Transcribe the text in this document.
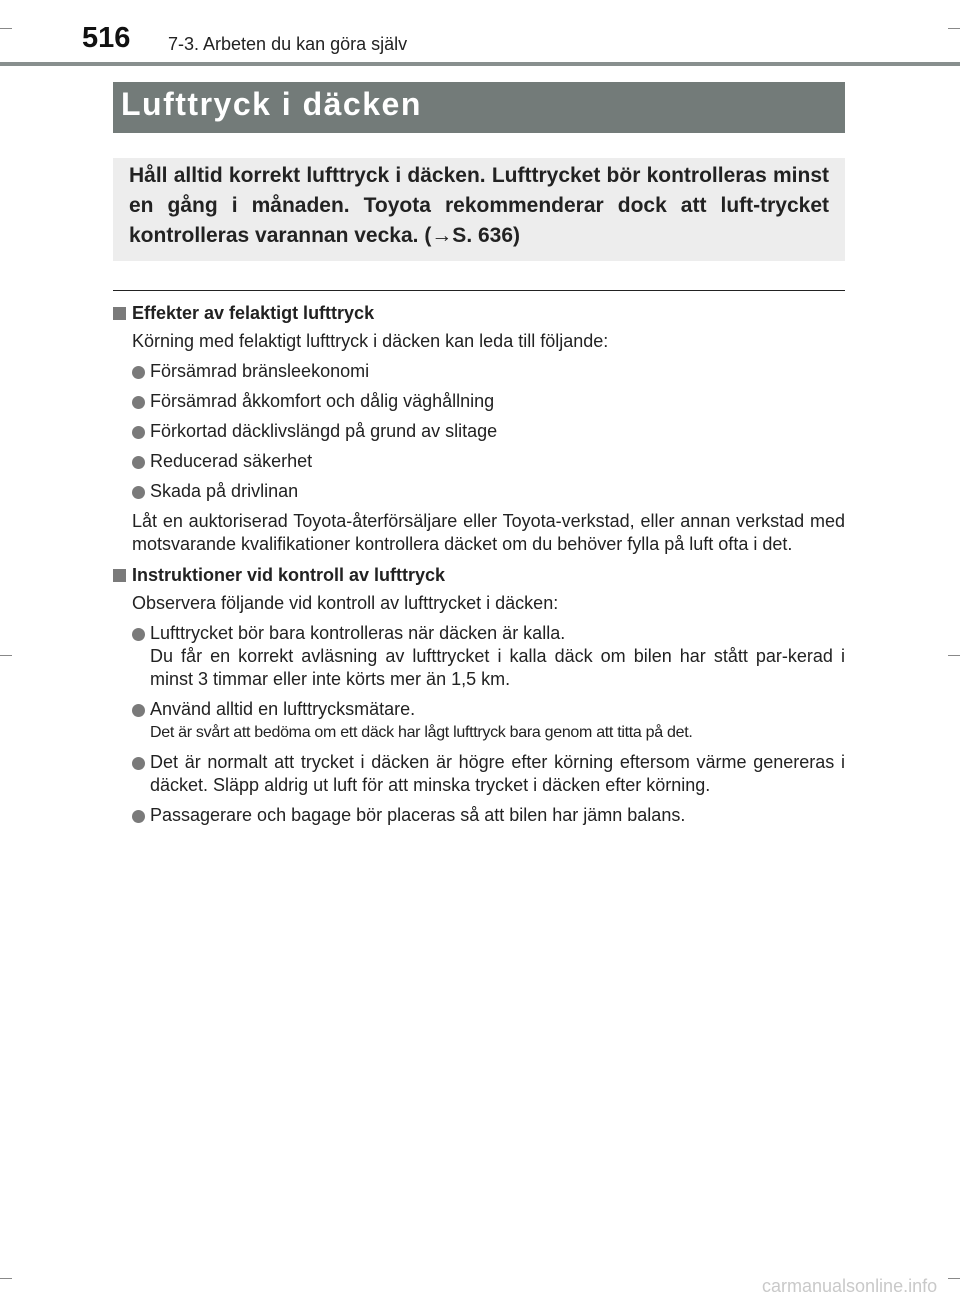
516 7-3. Arbeten du kan göra själv
Lufttryck i däcken
Håll alltid korrekt lufttryck i däcken. Lufttrycket bör kontrolleras minst en gång i månaden. Toyota rekommenderar dock att luft-trycket kontrolleras varannan vecka. (→S. 636)
Effekter av felaktigt lufttryck
Körning med felaktigt lufttryck i däcken kan leda till följande:
Försämrad bränsleekonomi
Försämrad åkkomfort och dålig väghållning
Förkortad däcklivslängd på grund av slitage
Reducerad säkerhet
Skada på drivlinan
Låt en auktoriserad Toyota-återförsäljare eller Toyota-verkstad, eller annan verkstad med motsvarande kvalifikationer kontrollera däcket om du behöver fylla på luft ofta i det.
Instruktioner vid kontroll av lufttryck
Observera följande vid kontroll av lufttrycket i däcken:
Lufttrycket bör bara kontrolleras när däcken är kalla.
Du får en korrekt avläsning av lufttrycket i kalla däck om bilen har stått par-kerad i minst 3 timmar eller inte körts mer än 1,5 km.
Använd alltid en lufttrycksmätare.
Det är svårt att bedöma om ett däck har lågt lufttryck bara genom att titta på det.
Det är normalt att trycket i däcken är högre efter körning eftersom värme genereras i däcket. Släpp aldrig ut luft för att minska trycket i däcken efter körning.
Passagerare och bagage bör placeras så att bilen har jämn balans.
carmanualsonline.info
